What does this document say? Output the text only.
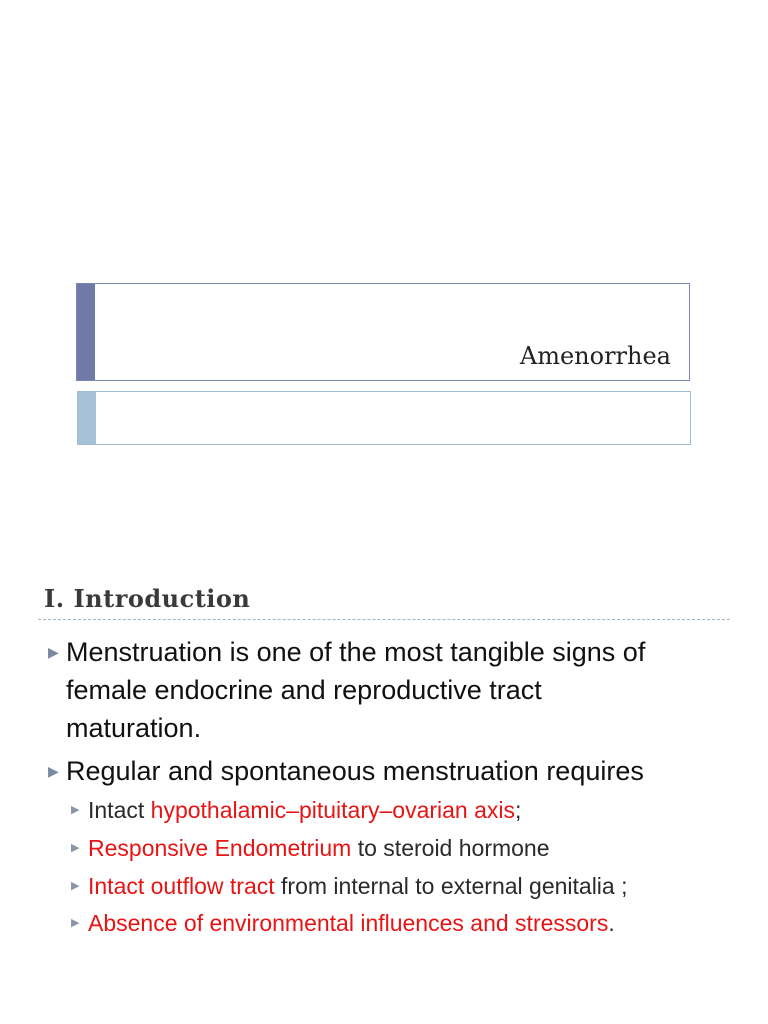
Amenorrhea
I. Introduction
▶ Menstruation is one of the most tangible signs of
female endocrine and reproductive tract
maturation.
▶ Regular and spontaneous menstruation requires
▶ Intact hypothalamic–pituitary–ovarian axis;
▶ Responsive Endometrium to steroid hormone
▶ Intact outflow tract from internal to external genitalia ;
▶ Absence of environmental influences and stressors.
